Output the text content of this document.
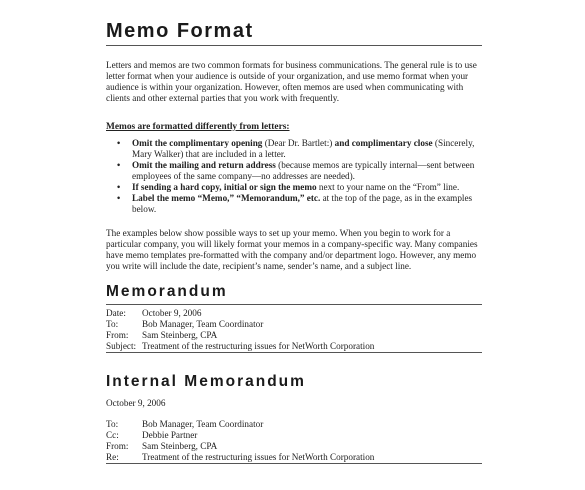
Memo Format
Letters and memos are two common formats for business communications. The general rule is to use letter format when your audience is outside of your organization, and use memo format when your audience is within your organization. However, often memos are used when communicating with clients and other external parties that you work with frequently.
Memos are formatted differently from letters:
• Omit the complimentary opening (Dear Dr. Bartlet:) and complimentary close (Sincerely, Mary Walker) that are included in a letter.
• Omit the mailing and return address (because memos are typically internal—sent between employees of the same company—no addresses are needed).
• If sending a hard copy, initial or sign the memo next to your name on the “From” line.
• Label the memo “Memo,” “Memorandum,” etc. at the top of the page, as in the examples below.
The examples below show possible ways to set up your memo. When you begin to work for a particular company, you will likely format your memos in a company-specific way. Many companies have memo templates pre-formatted with the company and/or department logo. However, any memo you write will include the date, recipient’s name, sender’s name, and a subject line.
Memorandum
Date: October 9, 2006
To:	Bob Manager, Team Coordinator
From: Sam Steinberg, CPA
Subject: Treatment of the restructuring issues for NetWorth Corporation
Internal Memorandum
October 9, 2006
To:	Bob Manager, Team Coordinator
Cc:	Debbie Partner
From: Sam Steinberg, CPA
Re:	Treatment of the restructuring issues for NetWorth Corporation
